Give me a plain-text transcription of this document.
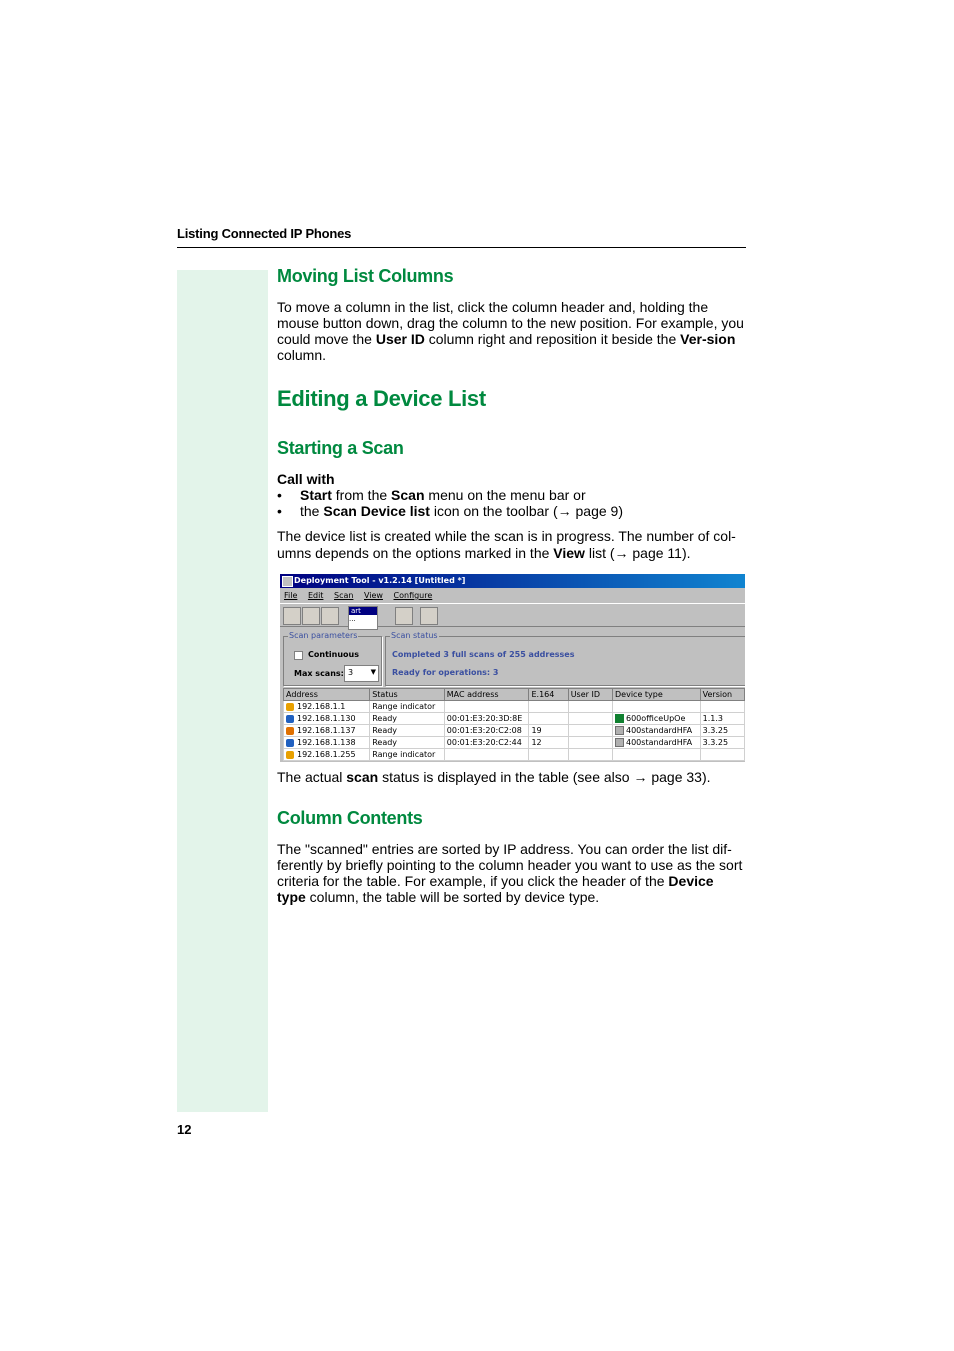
Listing Connected IP Phones
Moving List Columns

To move a column in the list, click the column header and, holding the mouse button down, drag the column to the new position. For example, you could move the User ID column right and reposition it beside the Ver-sion column.

Editing a Device List
Starting a Scan

Call with

• Start from the Scan menu on the menu bar or
• the Scan Device list icon on the toolbar (→ page 9)

The device list is created while the scan is in progress. The number of col-umns depends on the options marked in the View list (→ page 11).

Deployment Tool - v1.2.14 [Untitled *]
File Edit Scan View Configure
art
...
Scan parameters
Continuous
Max scans: 3	▼
Scan status
Completed 3 full scans of 255 addresses
Ready for operations: 3
Address	Status	MAC address	E.164	User ID	Device type	Version
192.168.1.1	Range indicator					
192.168.1.130	Ready	00:01:E3:20:3D:8E			600officeUpOe	1.1.3
192.168.1.137	Ready	00:01:E3:20:C2:08	19		400standardHFA	3.3.25
192.168.1.138	Ready	00:01:E3:20:C2:44	12		400standardHFA	3.3.25
192.168.1.255	Range indicator					

The actual scan status is displayed in the table (see also → page 33).

Column Contents

The "scanned" entries are sorted by IP address. You can order the list dif-ferently by briefly pointing to the column header you want to use as the sort criteria for the table. For example, if you click the header of the Device type column, the table will be sorted by device type.

12
